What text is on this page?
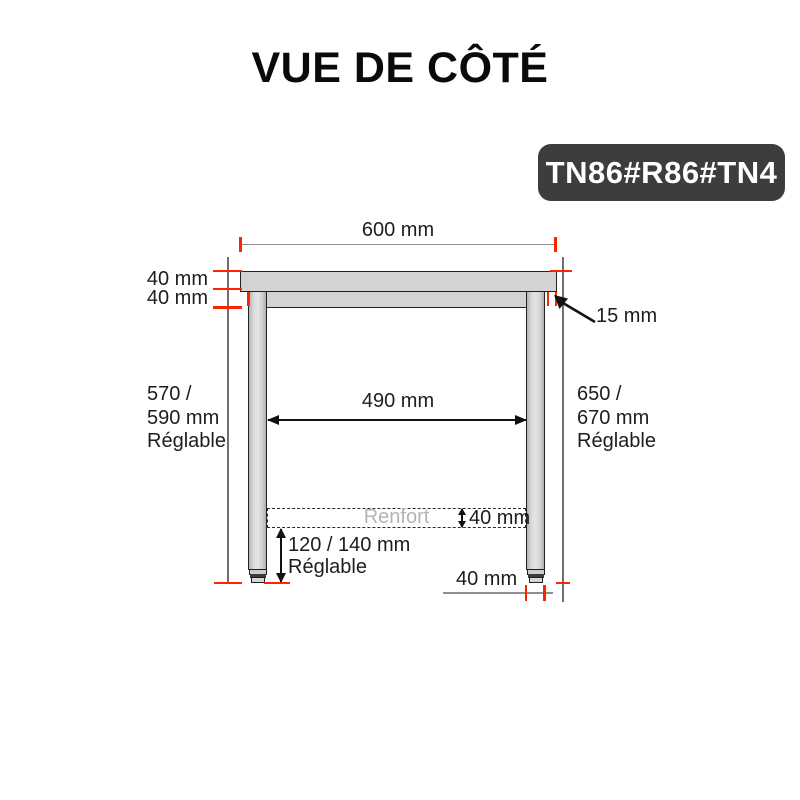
VUE DE CÔTÉ
TN86#R86#TN4
600 mm
40 mm
40 mm
15 mm
570 /
590 mm
Réglable
650 /
670 mm
Réglable
490 mm
Renfort	40 mm
120 / 140 mm
Réglable
40 mm
